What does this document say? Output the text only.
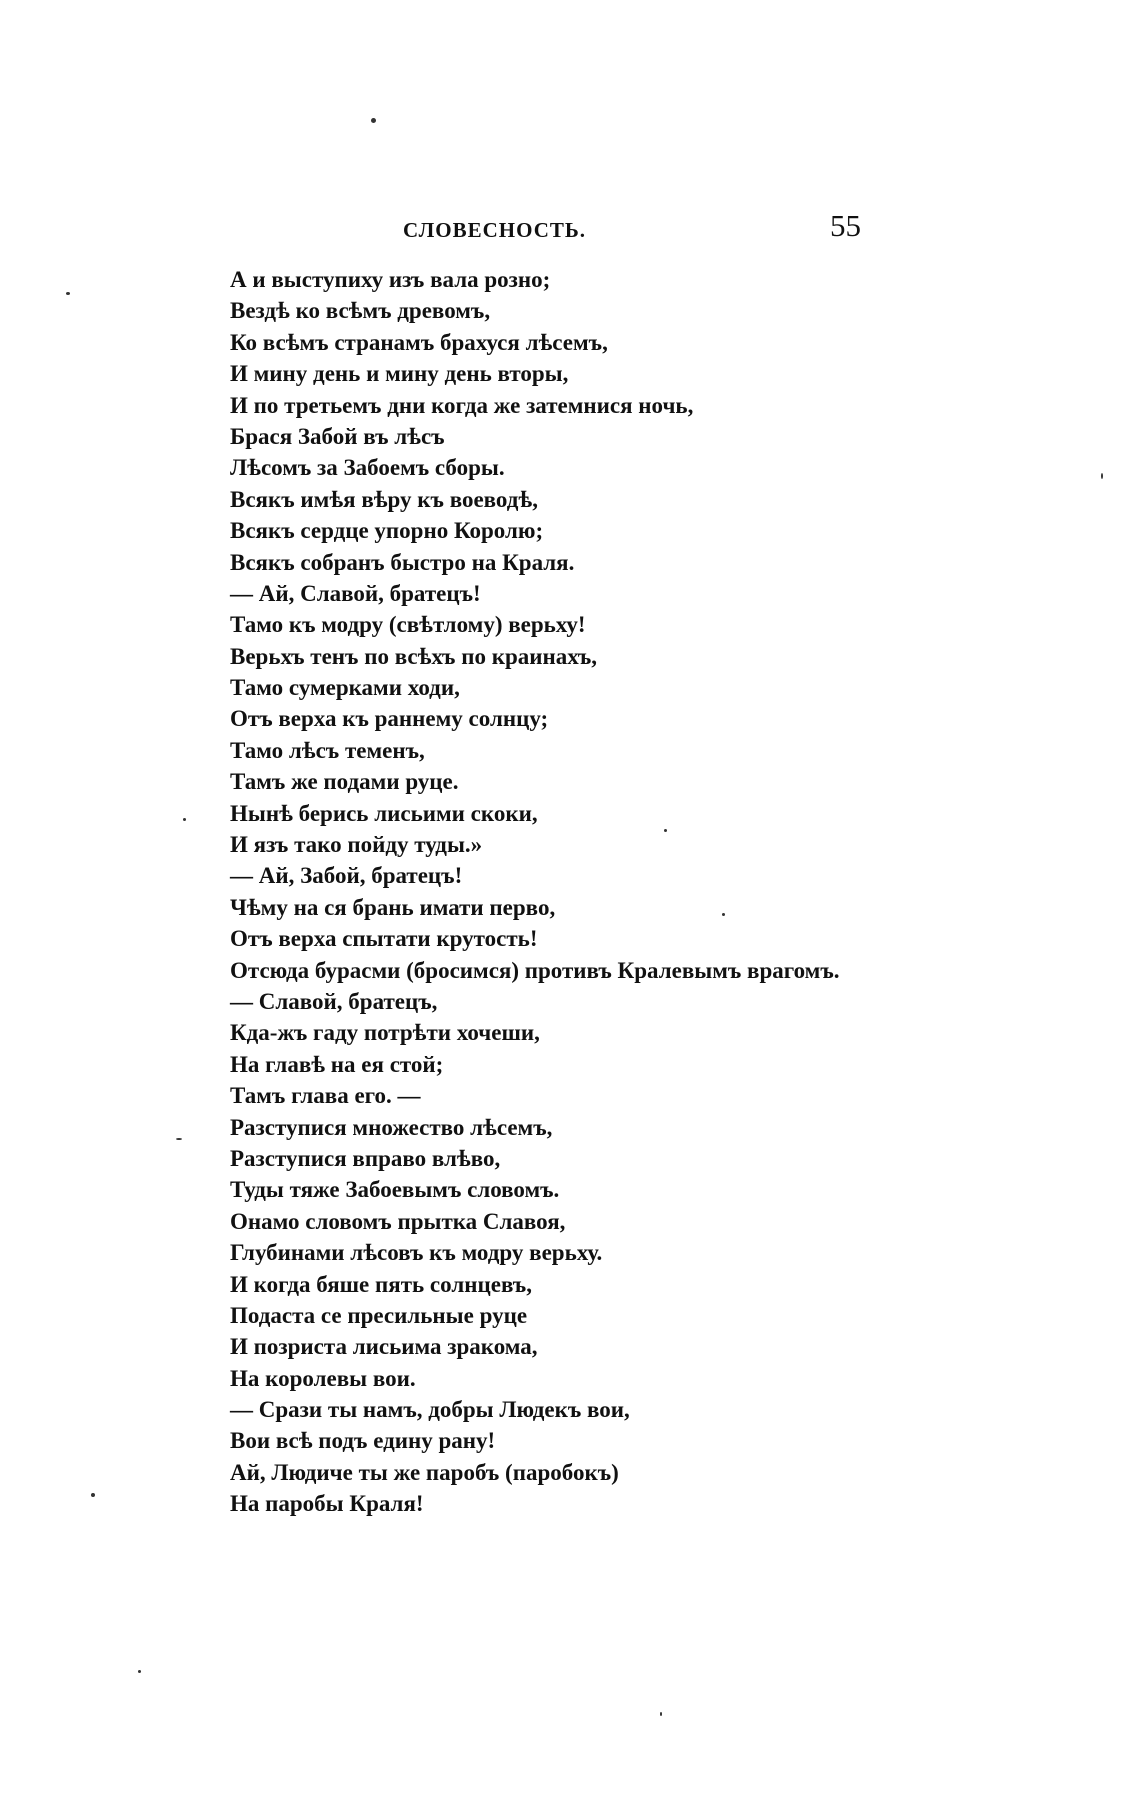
СЛОВЕСНОСТЬ.	55
А и выступиху изъ вала розно;
Вездѣ ко всѣмъ древомъ,
Ко всѣмъ странамъ брахуся лѣсемъ,
И мину день и мину день вторы,
И по третьемъ дни когда же затемнися ночь,
Брася Забой въ лѣсъ
Лѣсомъ за Забоемъ сборы.
Всякъ имѣя вѣру къ воеводѣ,
Всякъ сердце упорно Королю;
Всякъ собранъ быстро на Краля.
— Ай, Славой, братецъ!
Тамо къ модру (свѣтлому) верьху!
Верьхъ тенъ по всѣхъ по краинахъ,
Тамо сумерками ходи,
Отъ верха къ раннему солнцу;
Тамо лѣсъ теменъ,
Тамъ же подами руце.
Нынѣ берись лисьими скоки,
И язъ тако пойду туды.»
— Ай, Забой, братецъ!
Чѣму на ся брань имати перво,
Отъ верха спытати крутость!
Отсюда бурасми (бросимся) противъ Кралевымъ врагомъ.
— Славой, братецъ,
Кда-жъ гаду потрѣти хочеши,
На главѣ на ея стой;
Тамъ глава его. —
Разступися множество лѣсемъ,
Разступися вправо влѣво,
Туды тяже Забоевымъ словомъ.
Онамо словомъ прытка Славоя,
Глубинами лѣсовъ къ модру верьху.
И когда бяше пять солнцевъ,
Подаста се пресильные руце
И позриста лисьима зракома,
На королевы вои.
— Срази ты намъ, добры Людекъ вои,
Вои всѣ подъ едину рану!
Ай, Людиче ты же паробъ (паробокъ)
На паробы Краля!
